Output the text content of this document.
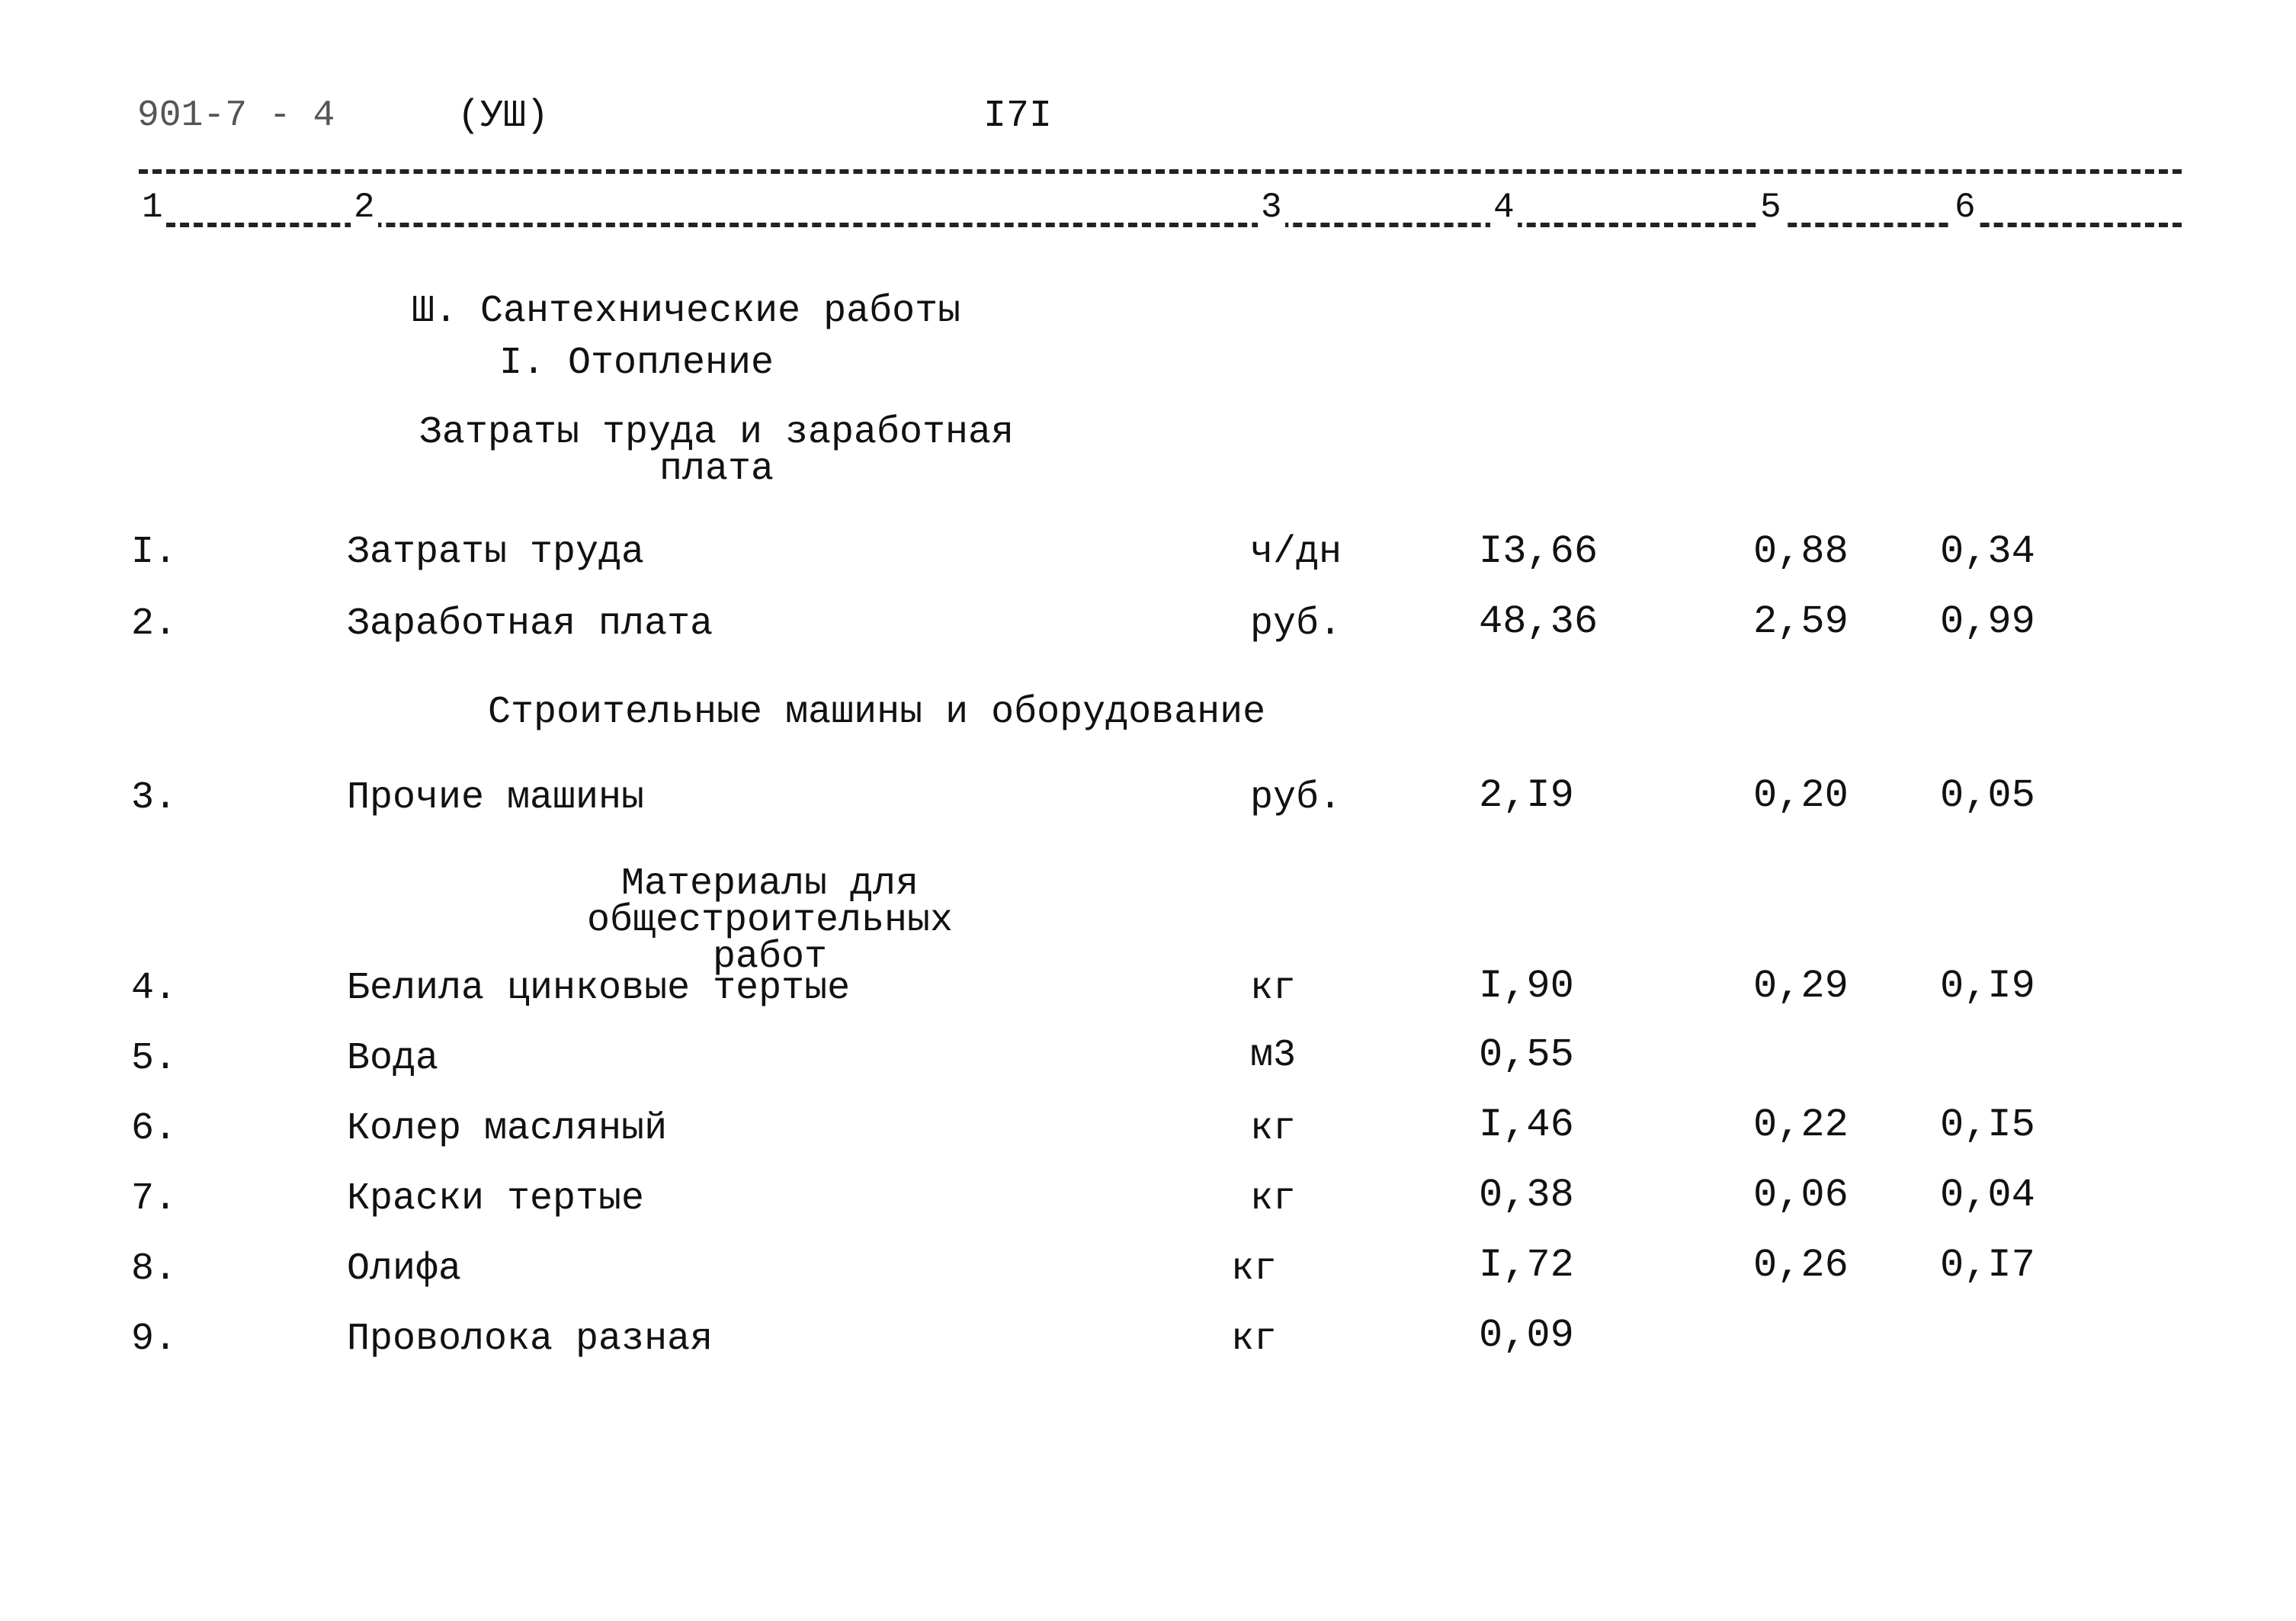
901-7 - 4	(УШ)	I7I
1	2	3	4	5	6
Ш. Сантехнические работы
I. Отопление
Затраты труда и заработная
плата
Строительные машины и оборудование
Материалы для общестроительных
работ
I.	Затраты труда	ч/дн	I3,66	0,88 0,34
2.	Заработная плата	руб.	48,36	2,59 0,99
3.	Прочие машины	руб.	2,I9	0,20 0,05
4.	Белила цинковые тертые	кг	I,90	0,29 0,I9
5.	Вода	м3	0,55
6.	Колер масляный	кг	I,46	0,22 0,I5
7.	Краски тертые	кг	0,38	0,06 0,04
8.	Олифа	кг	I,72	0,26 0,I7
9.	Проволока разная	кг	0,09
